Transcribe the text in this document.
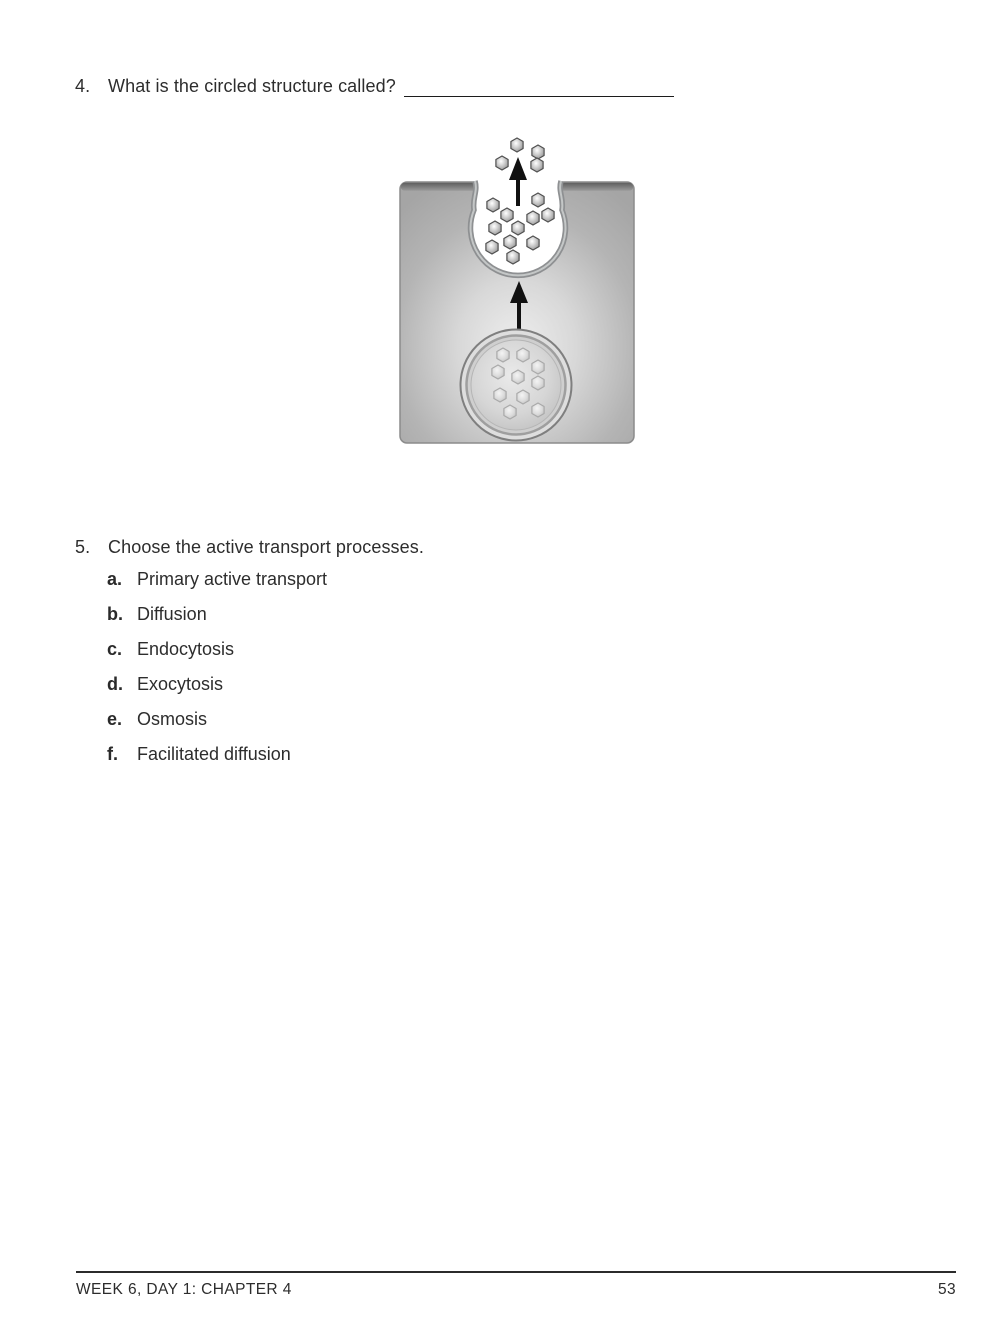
4. What is the circled structure called?
5. Choose the active transport processes.
a. Primary active transport
b. Diffusion
c. Endocytosis
d. Exocytosis
e. Osmosis
f.	Facilitated diffusion
WEEK 6, DAY 1: CHAPTER 4	53
